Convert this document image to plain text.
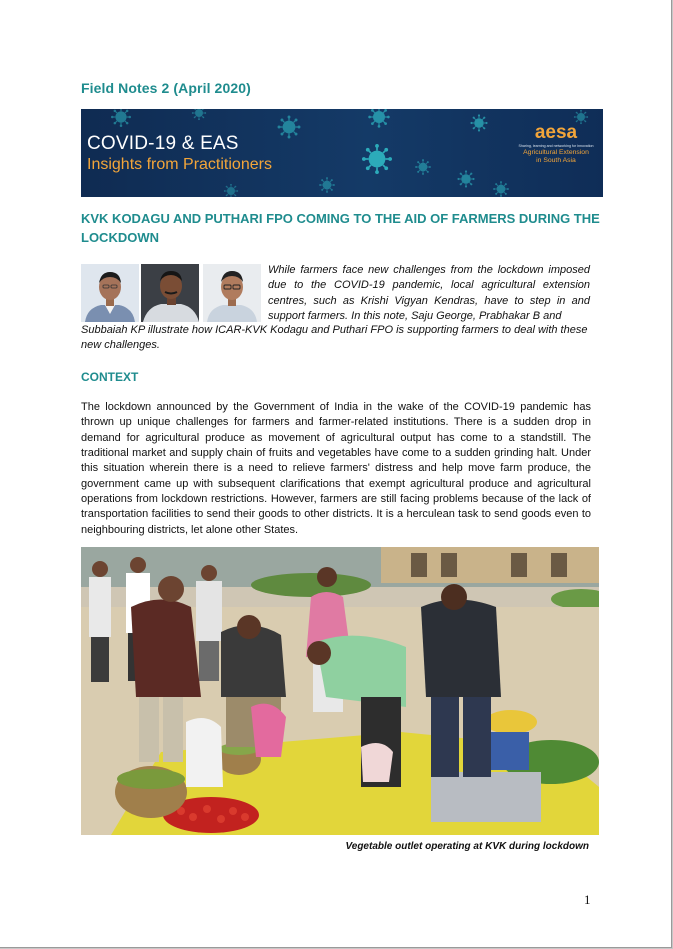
Field Notes 2 (April 2020)
COVID-19 & EAS
Insights from Practitioners
aesa
Sharing, learning and networking for innovation
Agricultural Extension
in South Asia
KVK KODAGU AND PUTHARI FPO COMING TO THE AID OF FARMERS DURING THE LOCKDOWN
While farmers face new challenges from the lockdown imposed due to the COVID-19 pandemic, local agricultural extension centres, such as Krishi Vigyan Kendras, have to step in and support farmers. In this note, Saju George, Prabhakar B and
Subbaiah KP illustrate how ICAR-KVK Kodagu and Puthari FPO is supporting farmers to deal with these new challenges.
CONTEXT
The lockdown announced by the Government of India in the wake of the COVID-19 pandemic has thrown up unique challenges for farmers and farmer-related institutions. There is a sudden drop in demand for agricultural produce as movement of agricultural output has come to a standstill. The traditional market and supply chain of fruits and vegetables have come to a sudden grinding halt. Under this situation wherein there is a need to relieve farmers' distress and help move farm produce, the government came up with subsequent clarifications that exempt agricultural produce and agricultural operations from lockdown restrictions. However, farmers are still facing problems because of the lack of transportation facilities to send their goods to other districts. It is a herculean task to send goods even to neighbouring districts, let alone other States.
Vegetable outlet operating at KVK during lockdown
1
